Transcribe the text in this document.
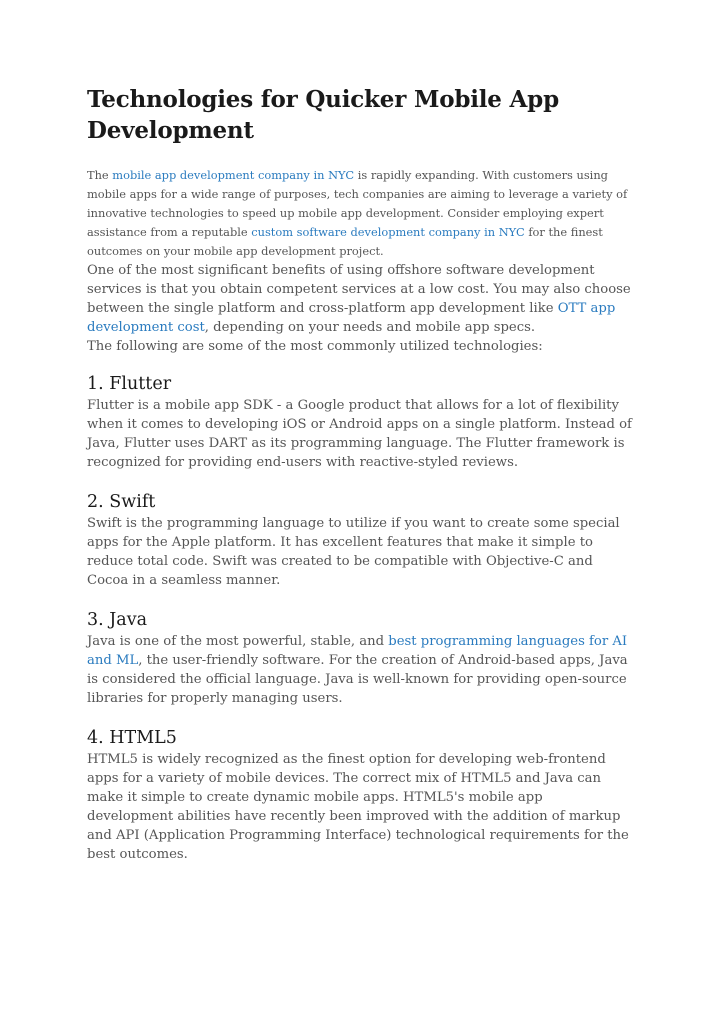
Technologies for Quicker Mobile App Development

The mobile app development company in NYC is rapidly expanding. With customers using mobile apps for a wide range of purposes, tech companies are aiming to leverage a variety of innovative technologies to speed up mobile app development. Consider employing expert assistance from a reputable custom software development company in NYC for the finest outcomes on your mobile app development project.

One of the most significant benefits of using offshore software development services is that you obtain competent services at a low cost. You may also choose between the single platform and cross-platform app development like OTT app development cost, depending on your needs and mobile app specs.

The following are some of the most commonly utilized technologies:

1. Flutter

Flutter is a mobile app SDK - a Google product that allows for a lot of flexibility when it comes to developing iOS or Android apps on a single platform. Instead of Java, Flutter uses DART as its programming language. The Flutter framework is recognized for providing end-users with reactive-styled reviews.

2. Swift

Swift is the programming language to utilize if you want to create some special apps for the Apple platform. It has excellent features that make it simple to reduce total code. Swift was created to be compatible with Objective-C and Cocoa in a seamless manner.

3. Java

Java is one of the most powerful, stable, and best programming languages for AI and ML, the user-friendly software. For the creation of Android-based apps, Java is considered the official language. Java is well-known for providing open-source libraries for properly managing users.

4. HTML5

HTML5 is widely recognized as the finest option for developing web-frontend apps for a variety of mobile devices. The correct mix of HTML5 and Java can make it simple to create dynamic mobile apps. HTML5's mobile app development abilities have recently been improved with the addition of markup and API (Application Programming Interface) technological requirements for the best outcomes.
